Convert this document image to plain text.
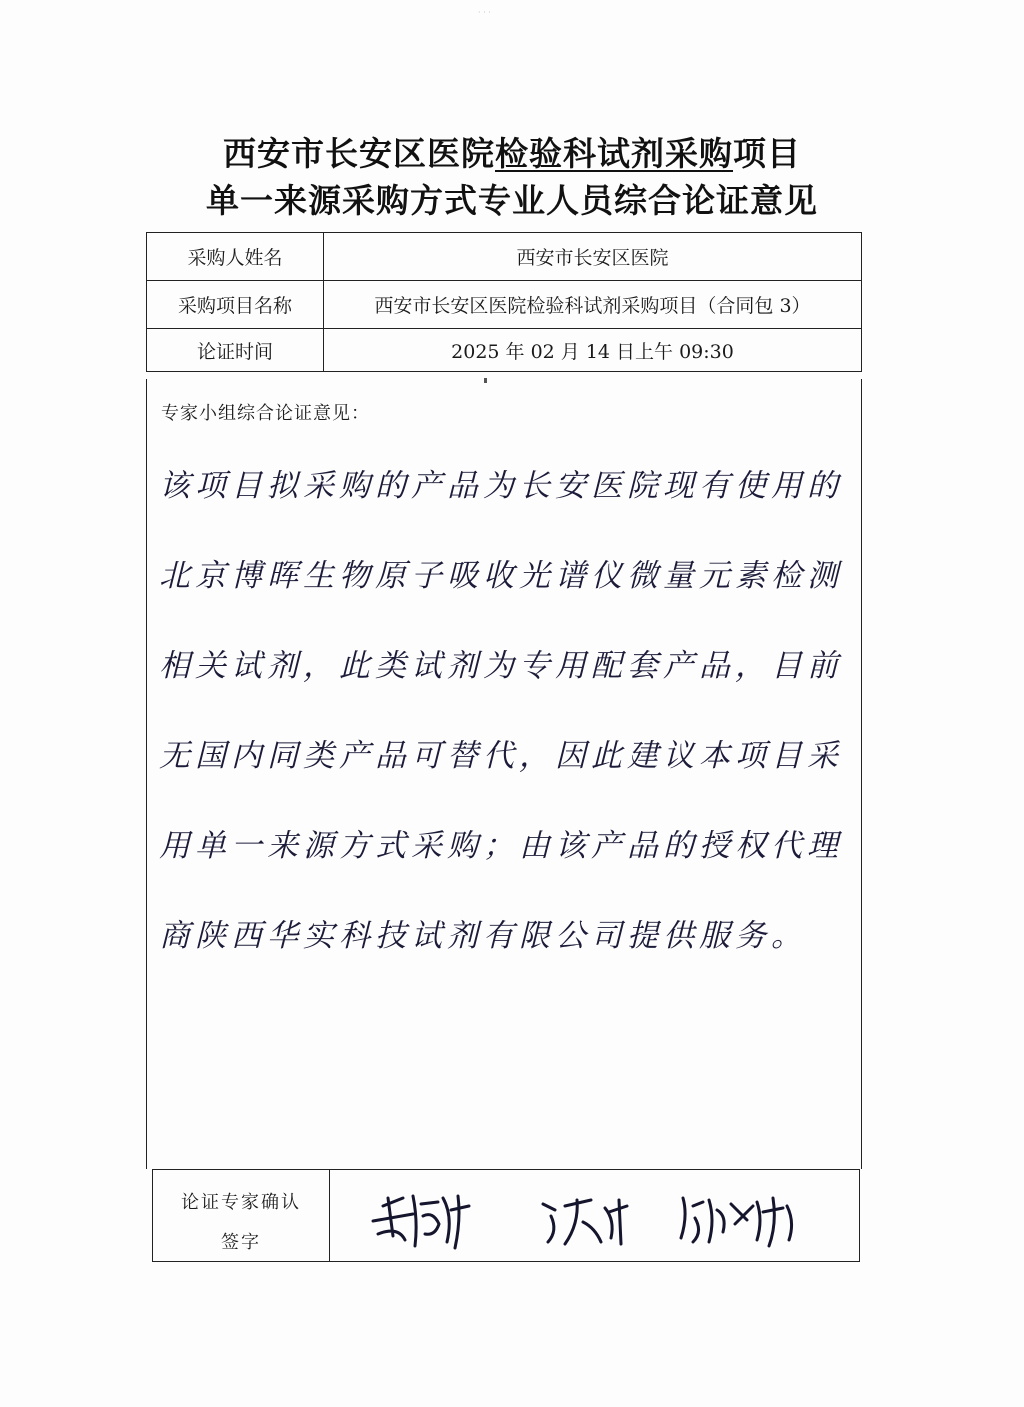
· · ·
西安市长安区医院检验科试剂采购项目
单一来源采购方式专业人员综合论证意见
采购人姓名	西安市长安区医院
采购项目名称	西安市长安区医院检验科试剂采购项目（合同包 3）
论证时间	2025 年 02 月 14 日上午 09:30
专家小组综合论证意见：
该项目拟采购的产品为长安医院现有使用的北京博晖生物原子吸收光谱仪微量元素检测相关试剂，此类试剂为专用配套产品，目前无国内同类产品可替代，因此建议本项目采用单一来源方式采购；由该产品的授权代理商陕西华实科技试剂有限公司提供服务。
论证专家确认
签字
